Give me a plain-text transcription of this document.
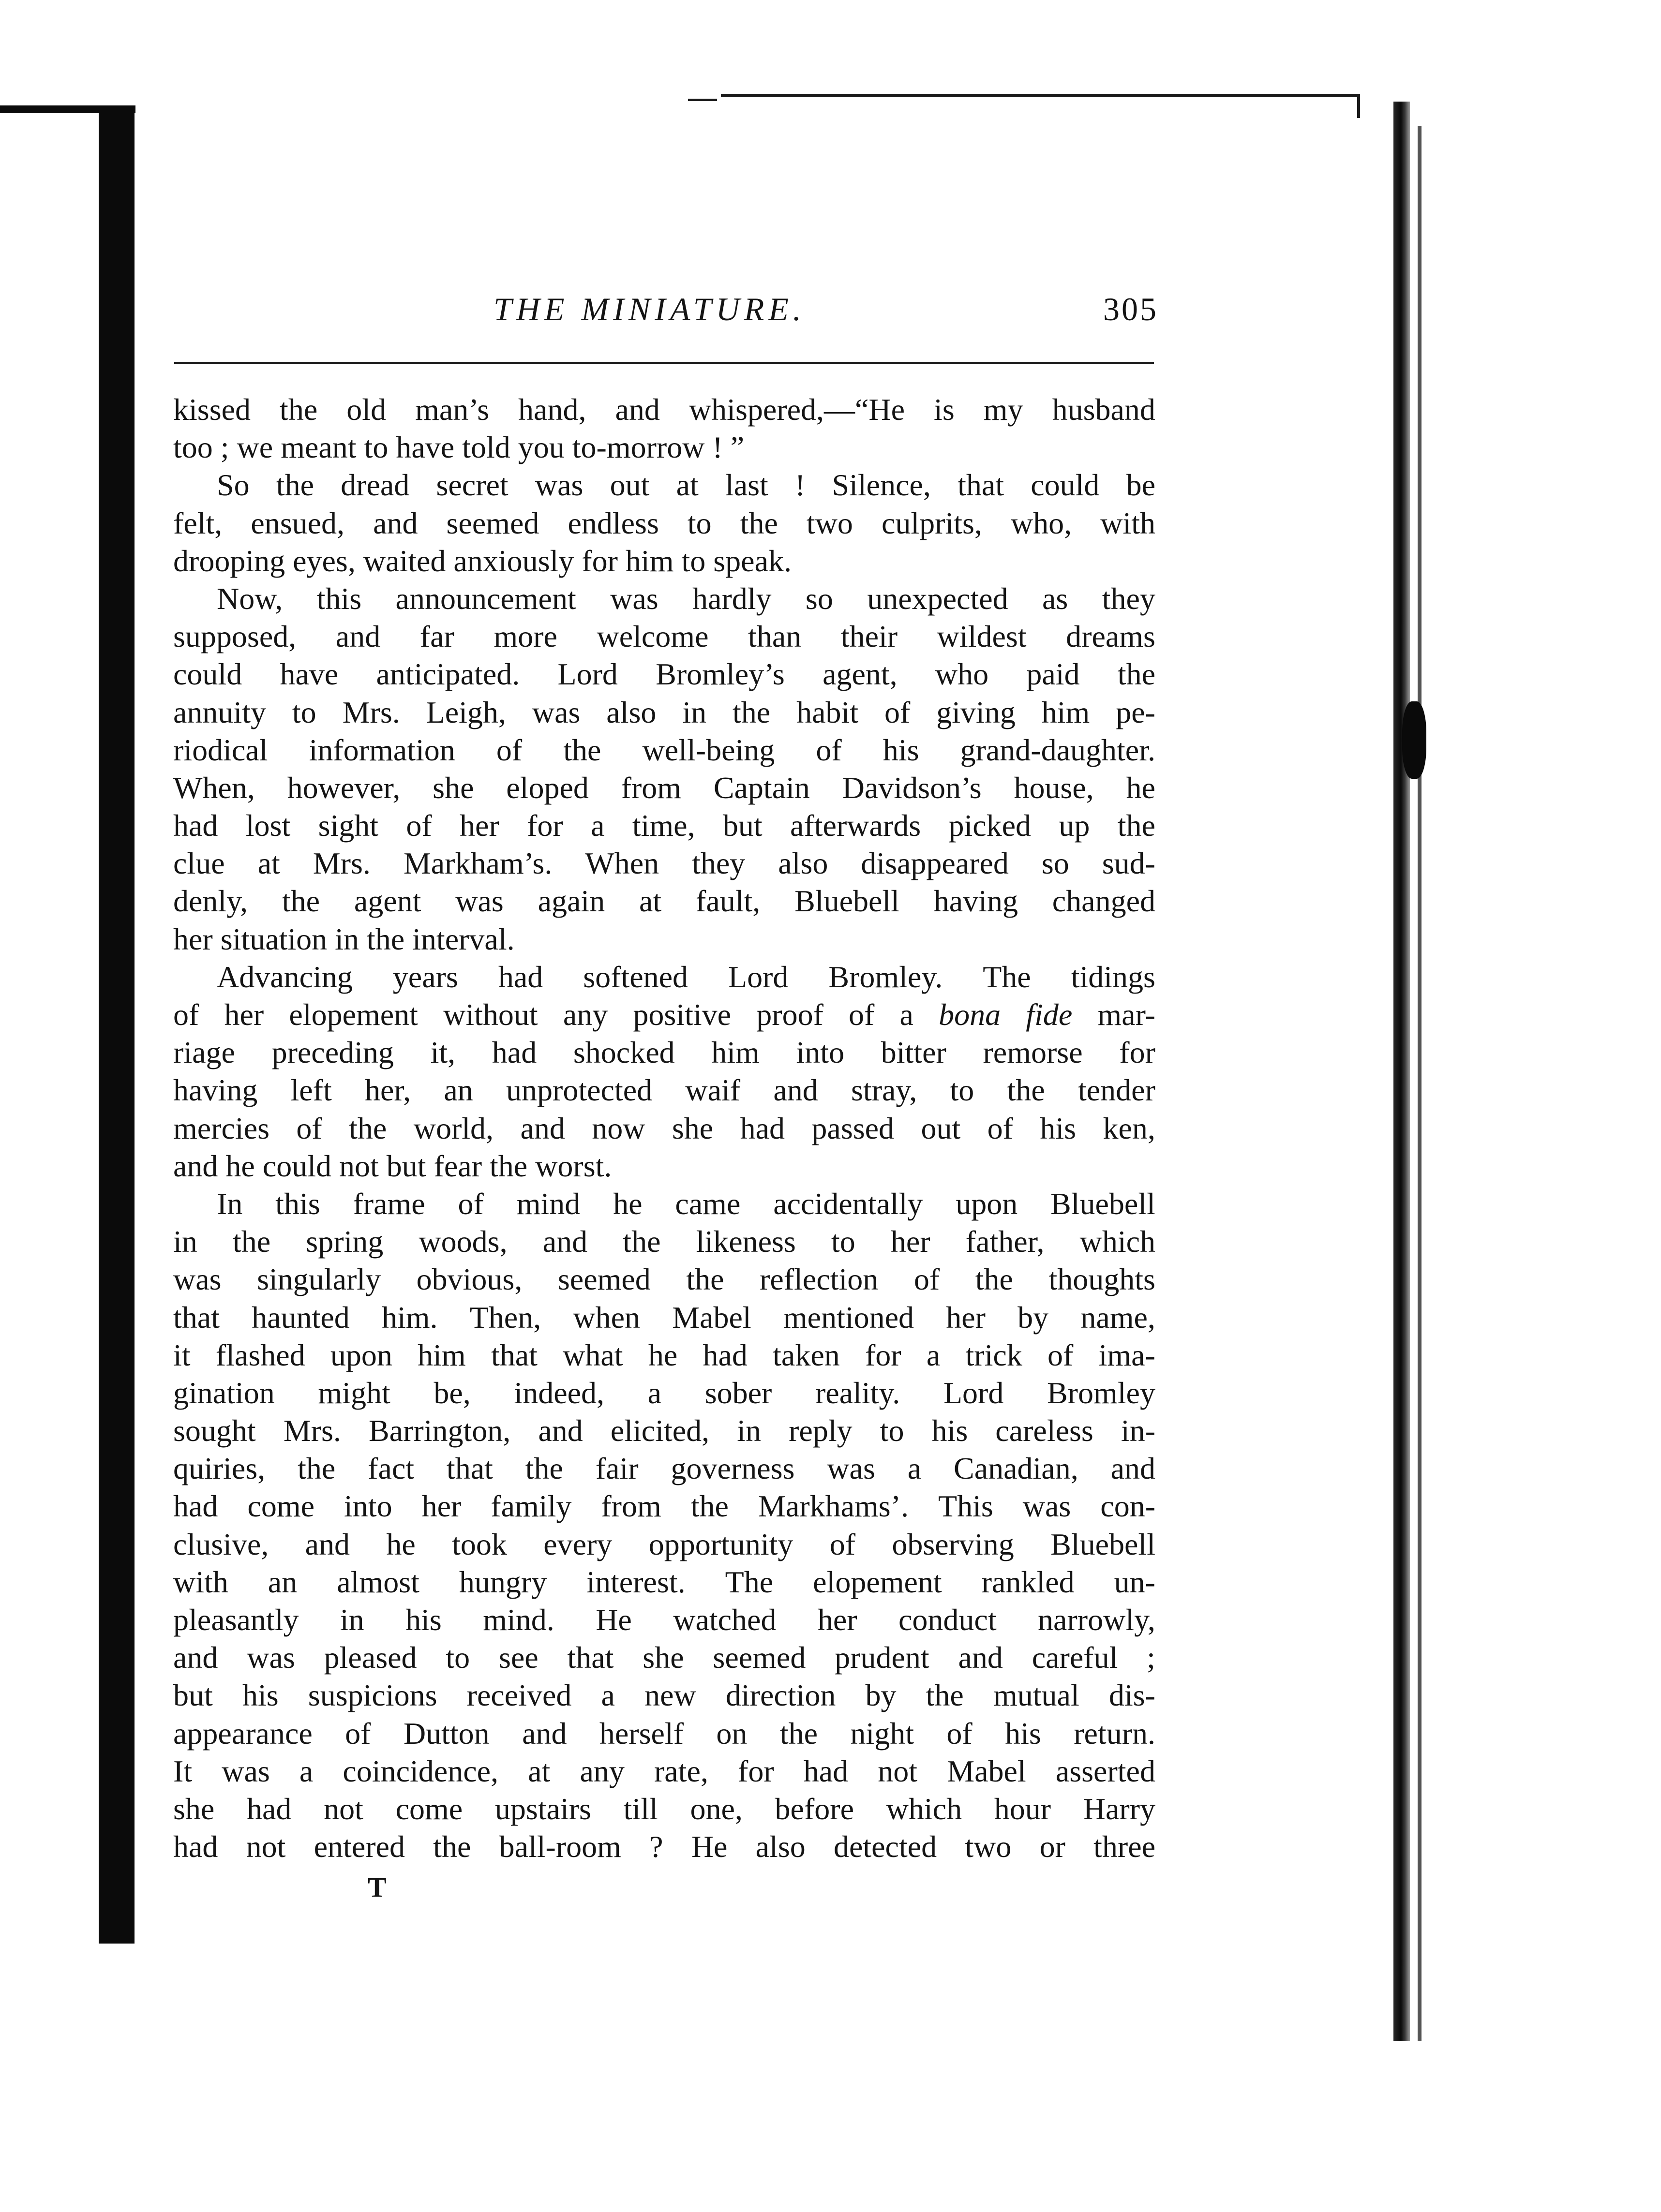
THE MINIATURE.	305
kissed the old man’s hand, and whispered,—“He is my husband
too ; we meant to have told you to-morrow ! ”
So the dread secret was out at last ! Silence, that could be
felt, ensued, and seemed endless to the two culprits, who, with
drooping eyes, waited anxiously for him to speak.
Now, this announcement was hardly so unexpected as they
supposed, and far more welcome than their wildest dreams
could have anticipated. Lord Bromley’s agent, who paid the
annuity to Mrs. Leigh, was also in the habit of giving him pe-
riodical information of the well-being of his grand-daughter.
When, however, she eloped from Captain Davidson’s house, he
had lost sight of her for a time, but afterwards picked up the
clue at Mrs. Markham’s. When they also disappeared so sud-
denly, the agent was again at fault, Bluebell having changed
her situation in the interval.
Advancing years had softened Lord Bromley. The tidings
of her elopement without any positive proof of a bona fide mar-
riage preceding it, had shocked him into bitter remorse for
having left her, an unprotected waif and stray, to the tender
mercies of the world, and now she had passed out of his ken,
and he could not but fear the worst.
In this frame of mind he came accidentally upon Bluebell
in the spring woods, and the likeness to her father, which
was singularly obvious, seemed the reflection of the thoughts
that haunted him. Then, when Mabel mentioned her by name,
it flashed upon him that what he had taken for a trick of ima-
gination might be, indeed, a sober reality. Lord Bromley
sought Mrs. Barrington, and elicited, in reply to his careless in-
quiries, the fact that the fair governess was a Canadian, and
had come into her family from the Markhams’. This was con-
clusive, and he took every opportunity of observing Bluebell
with an almost hungry interest. The elopement rankled un-
pleasantly in his mind. He watched her conduct narrowly,
and was pleased to see that she seemed prudent and careful ;
but his suspicions received a new direction by the mutual dis-
appearance of Dutton and herself on the night of his return.
It was a coincidence, at any rate, for had not Mabel asserted
she had not come upstairs till one, before which hour Harry
had not entered the ball-room ? He also detected two or three
T
